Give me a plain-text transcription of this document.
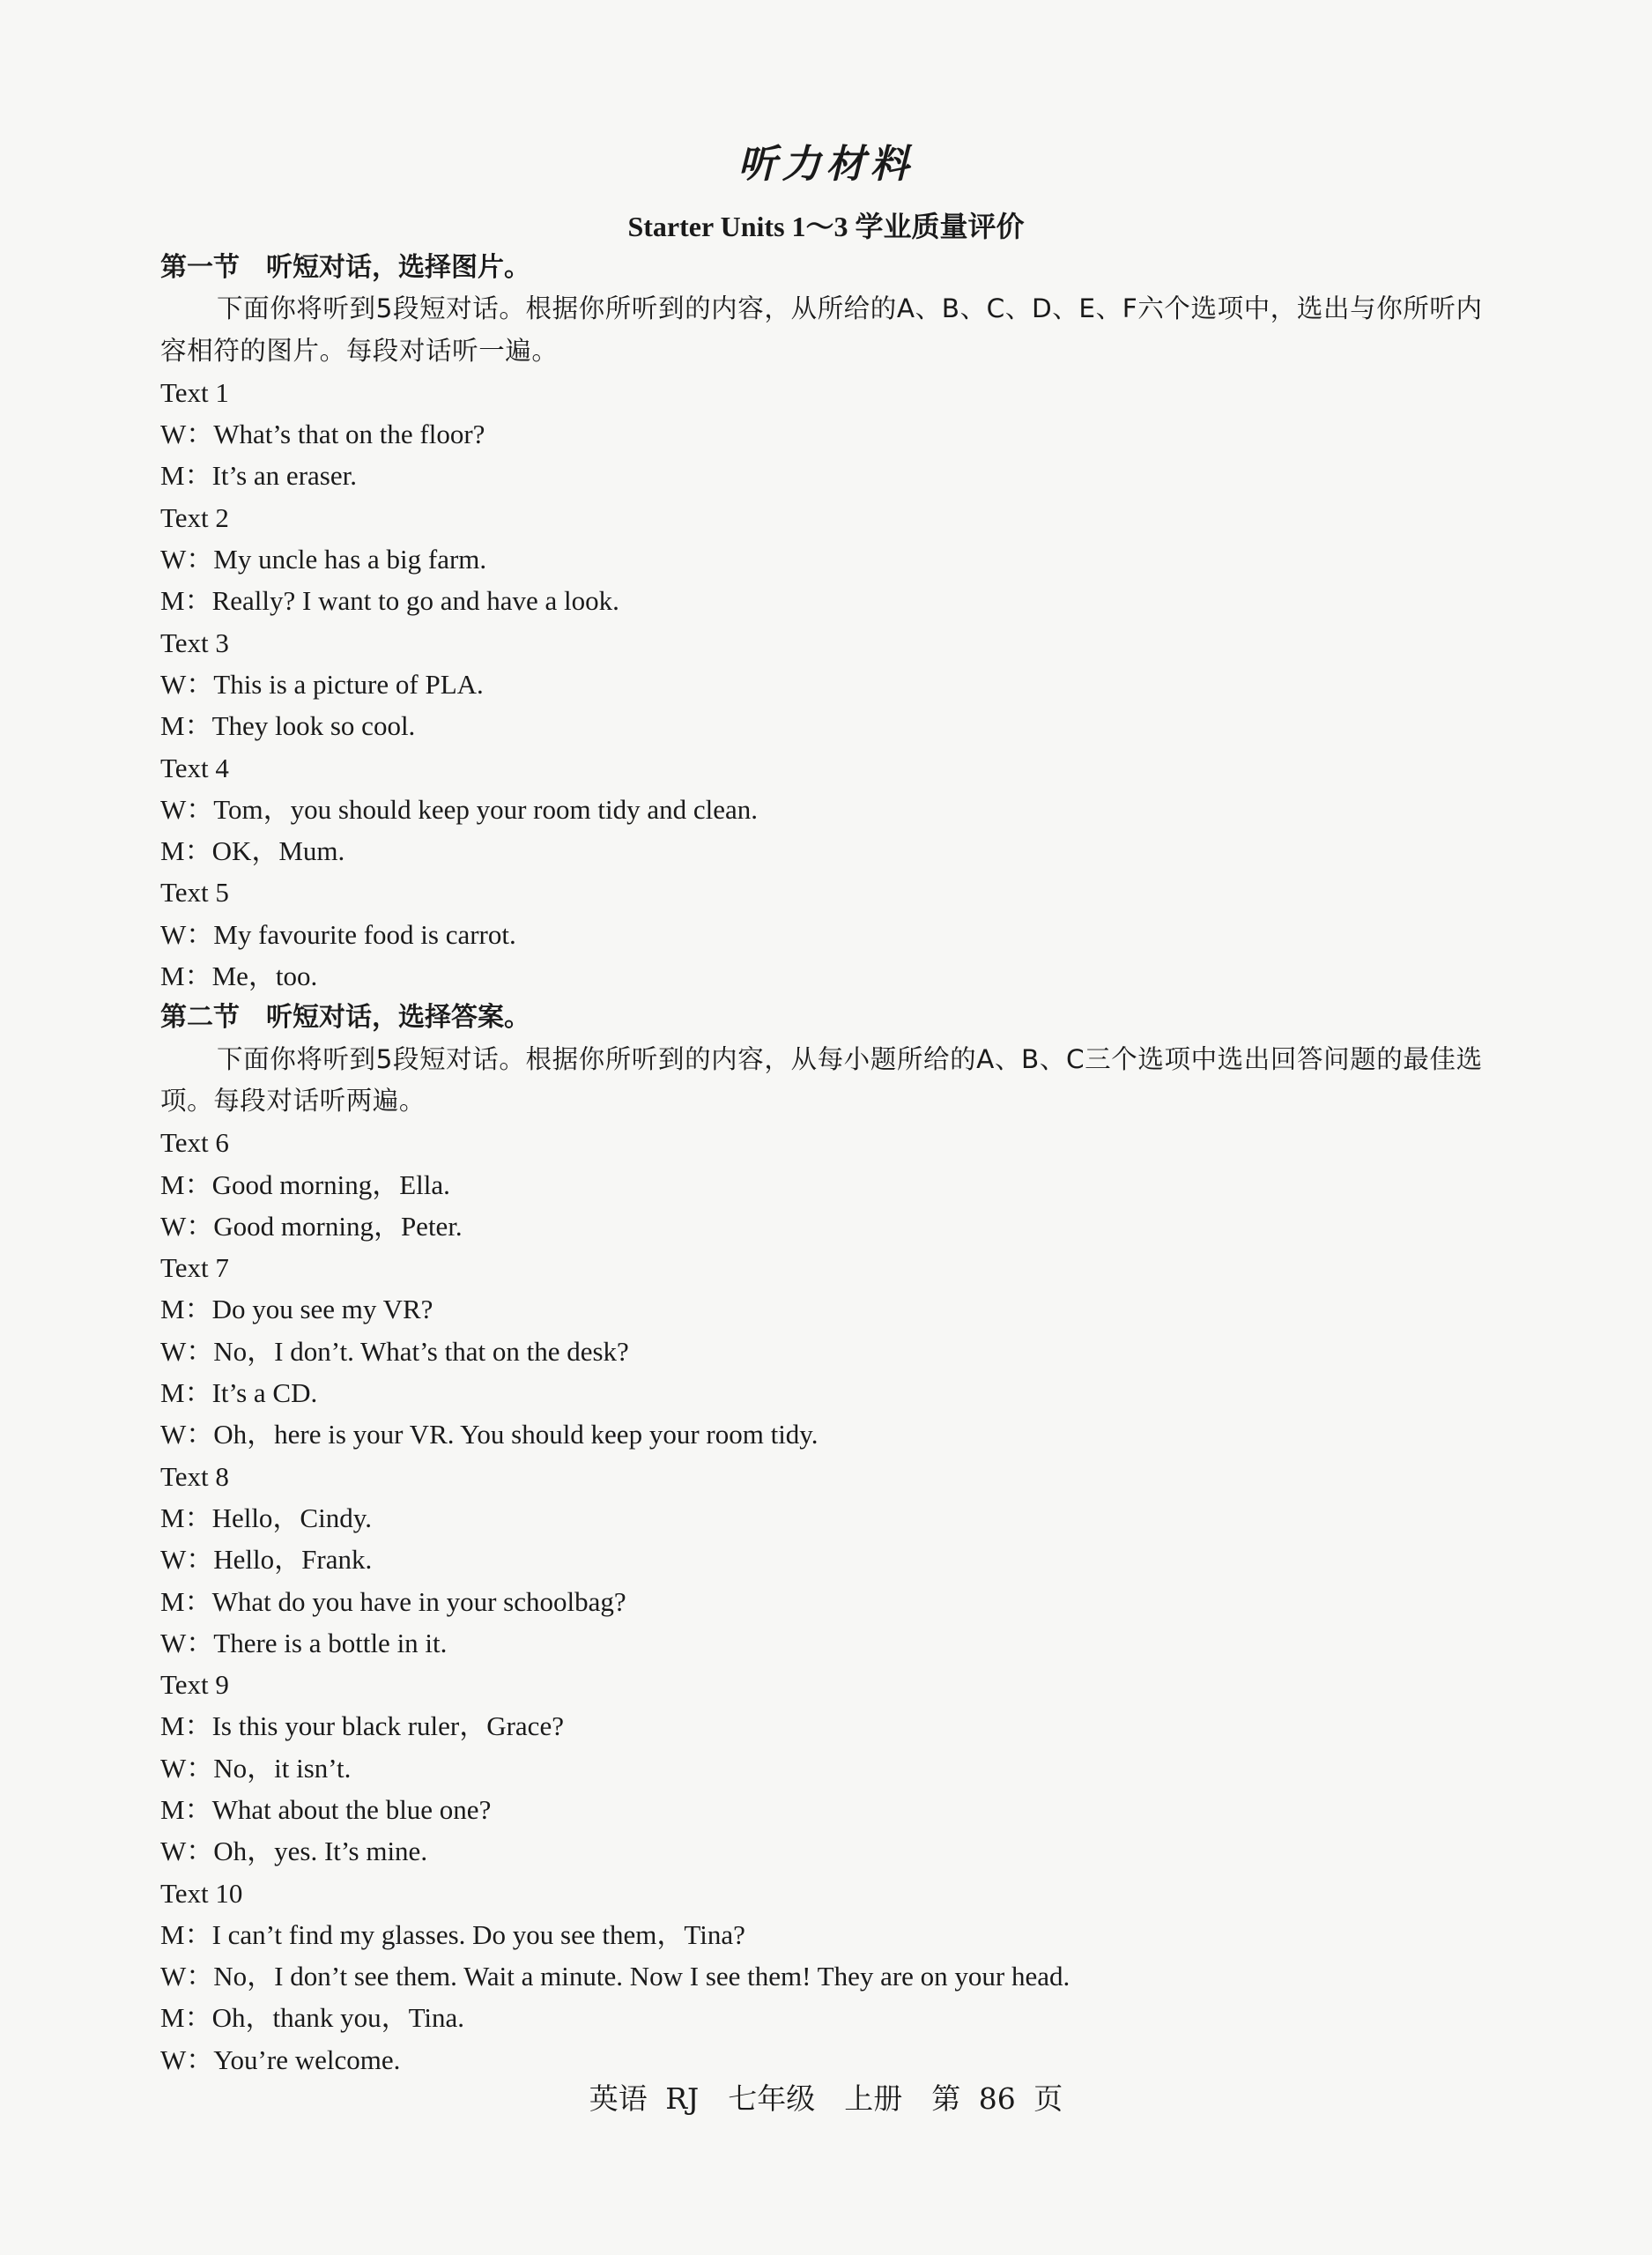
听力材料
Starter Units 1～3 学业质量评价
第一节　听短对话，选择图片。
下面你将听到5段短对话。根据你所听到的内容，从所给的A、B、C、D、E、F六个选项中，选出与你所听内容相符的图片。每段对话听一遍。
Text 1
W：What’s that on the floor?
M：It’s an eraser.
Text 2
W：My uncle has a big farm.
M：Really? I want to go and have a look.
Text 3
W：This is a picture of PLA.
M：They look so cool.
Text 4
W：Tom，you should keep your room tidy and clean.
M：OK，Mum.
Text 5
W：My favourite food is carrot.
M：Me，too.
第二节　听短对话，选择答案。
下面你将听到5段短对话。根据你所听到的内容，从每小题所给的A、B、C三个选项中选出回答问题的最佳选项。每段对话听两遍。
Text 6
M：Good morning，Ella.
W：Good morning，Peter.
Text 7
M：Do you see my VR?
W：No，I don’t. What’s that on the desk?
M：It’s a CD.
W：Oh，here is your VR. You should keep your room tidy.
Text 8
M：Hello，Cindy.
W：Hello，Frank.
M：What do you have in your schoolbag?
W：There is a bottle in it.
Text 9
M：Is this your black ruler，Grace?
W：No，it isn’t.
M：What about the blue one?
W：Oh，yes. It’s mine.
Text 10
M：I can’t find my glasses. Do you see them，Tina?
W：No，I don’t see them. Wait a minute. Now I see them! They are on your head.
M：Oh，thank you，Tina.
W：You’re welcome.
英语 RJ　七年级　上册　第 86 页
